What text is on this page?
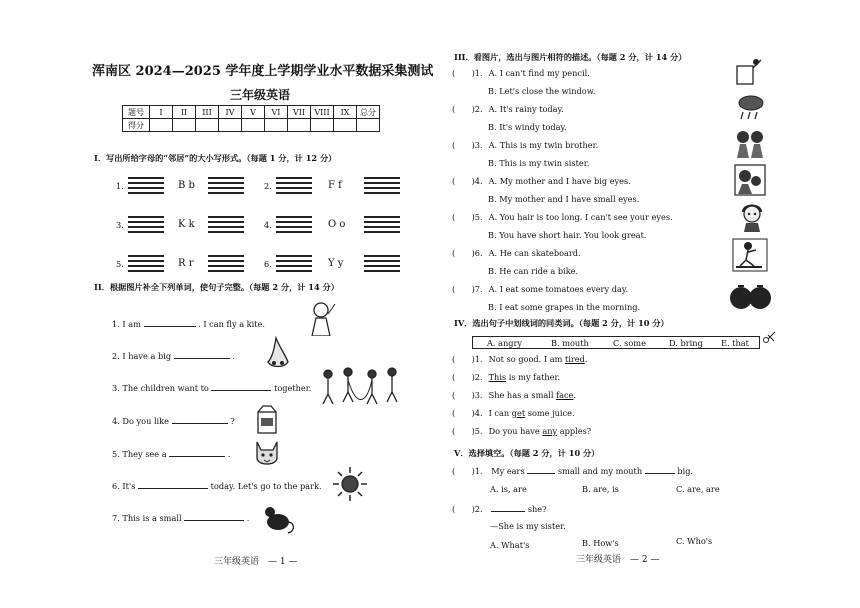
浑南区 2024—2025 学年度上学期学业水平数据采集测试
三年级英语
题号	I	II	III	IV	V	VI	VII	VIII	IX	总分
得分										
I．写出所给字母的“邻居”的大小写形式。（每题 1 分，计 12 分）
1.	B b	2.	F f
3.	K k	4.	O o
5.	R r	6.	Y y
II．根据图片补全下列单词，使句子完整。（每题 2 分，计 14 分）
1. I am	. I can fly a kite.
2. I have a big	.
3. The children want to	together.
4. Do you like	?
5. They see a	.
6. It's	today. Let's go to the park.
7. This is a small	.
三年级英语　— 1 —
III．看图片，选出与图片相符的描述。（每题 2 分，计 14 分）
(　　)1. A. I can't find my pencil.
B. Let's close the window.
(　　)2. A. It's rainy today.
B. It's windy today.
(　　)3. A. This is my twin brother.
B. This is my twin sister.
(　　)4. A. My mother and I have big eyes.
B. My mother and I have small eyes.
(　　)5. A. You hair is too long. I can't see your eyes.
B. You have short hair. You look great.
(　　)6. A. He can skateboard.
B. He can ride a bike.
(　　)7. A. I eat some tomatoes every day.
B. I eat some grapes in the morning.
IV．选出句子中划线词的同类词。（每题 2 分，计 10 分）
A. angry	B. mouth	C. some	D. bring E. that
(　　)1. Not so good. I am tired.
(　　)2. This is my father.
(　　)3. She has a small face.
(　　)4. I can get some juice.
(　　)5. Do you have any apples?
V．选择填空。（每题 2 分，计 10 分）
(　　)1. My ears	small and my mouth	big.
A. is, are	B. are, is	C. are, are
(　　)2.	she?
—She is my sister.
A. What's	B. How's	C. Who's
三年级英语　— 2 —
